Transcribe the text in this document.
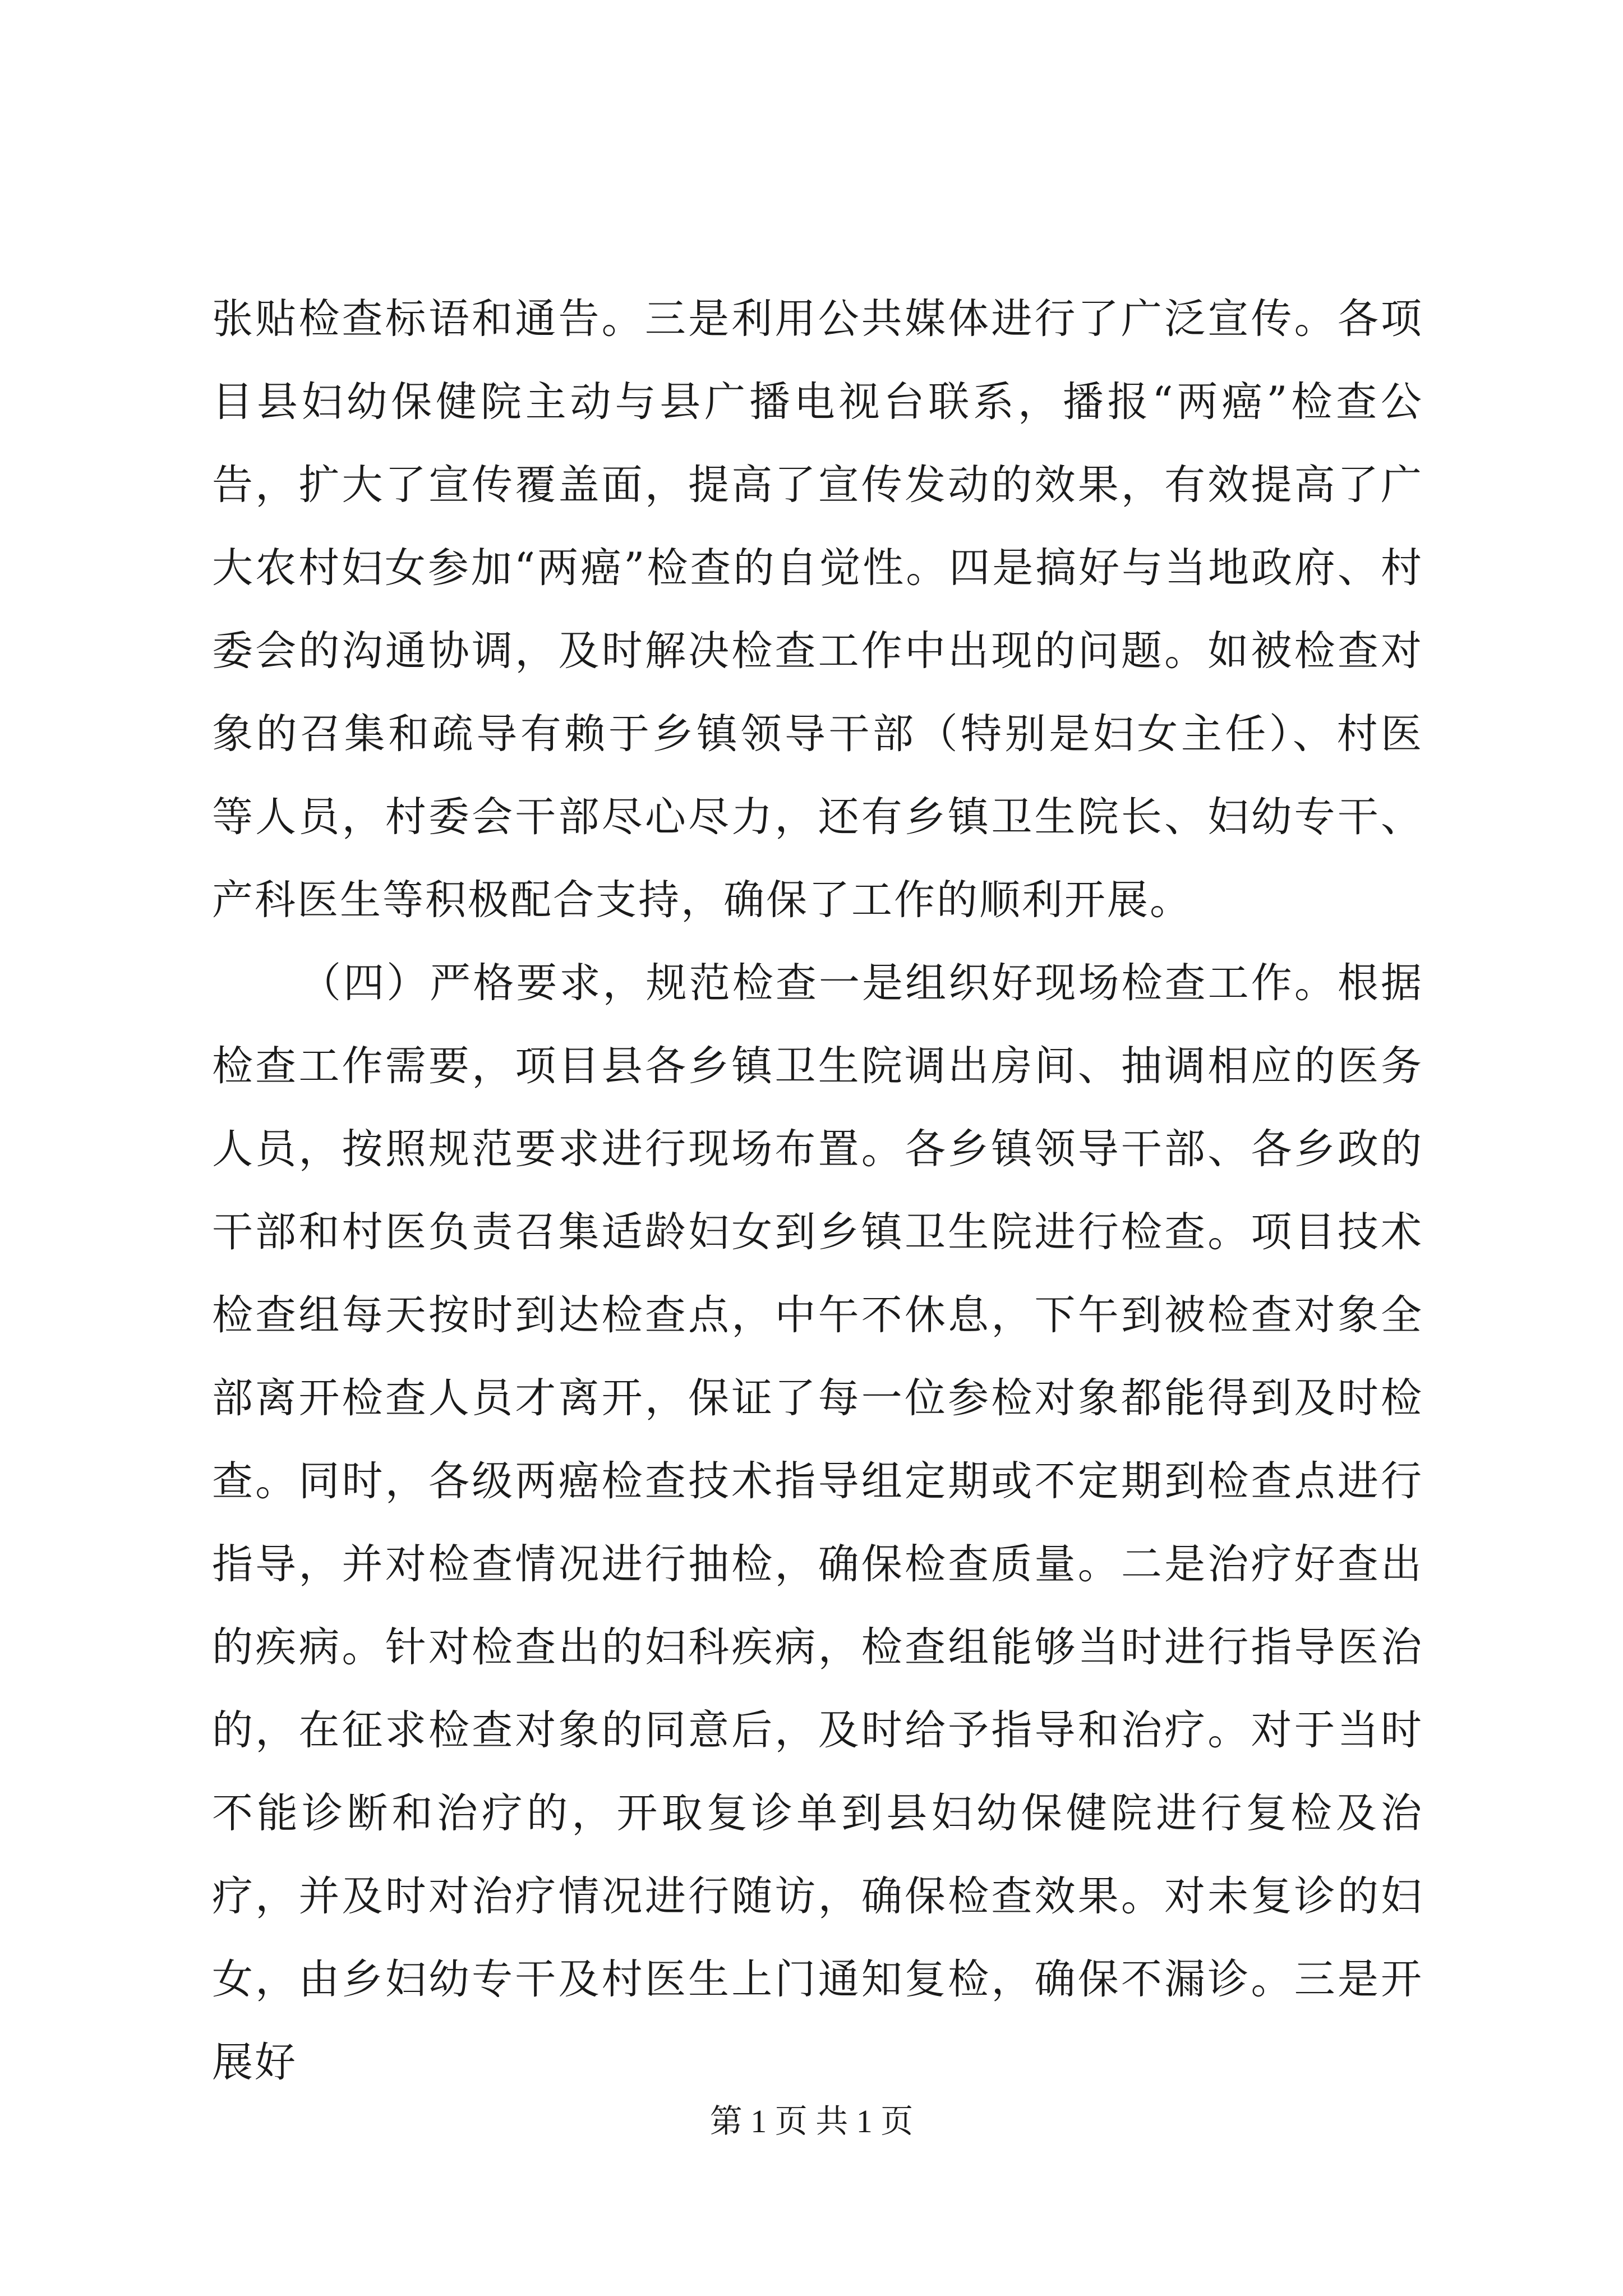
张贴检查标语和通告。三是利用公共媒体进行了广泛宣传。各项目县妇幼保健院主动与县广播电视台联系，播报“两癌”检查公告，扩大了宣传覆盖面，提高了宣传发动的效果，有效提高了广大农村妇女参加“两癌”检查的自觉性。四是搞好与当地政府、村委会的沟通协调，及时解决检查工作中出现的问题。如被检查对象的召集和疏导有赖于乡镇领导干部（特别是妇女主任）、村医等人员，村委会干部尽心尽力，还有乡镇卫生院长、妇幼专干、产科医生等积极配合支持，确保了工作的顺利开展。

（四）严格要求，规范检查一是组织好现场检查工作。根据检查工作需要，项目县各乡镇卫生院调出房间、抽调相应的医务人员，按照规范要求进行现场布置。各乡镇领导干部、各乡政的干部和村医负责召集适龄妇女到乡镇卫生院进行检查。项目技术检查组每天按时到达检查点，中午不休息，下午到被检查对象全部离开检查人员才离开，保证了每一位参检对象都能得到及时检查。同时，各级两癌检查技术指导组定期或不定期到检查点进行指导，并对检查情况进行抽检，确保检查质量。二是治疗好查出的疾病。针对检查出的妇科疾病，检查组能够当时进行指导医治的，在征求检查对象的同意后，及时给予指导和治疗。对于当时不能诊断和治疗的，开取复诊单到县妇幼保健院进行复检及治疗，并及时对治疗情况进行随访，确保检查效果。对未复诊的妇女，由乡妇幼专干及村医生上门通知复检，确保不漏诊。三是开展好

第 1 页 共 1 页
